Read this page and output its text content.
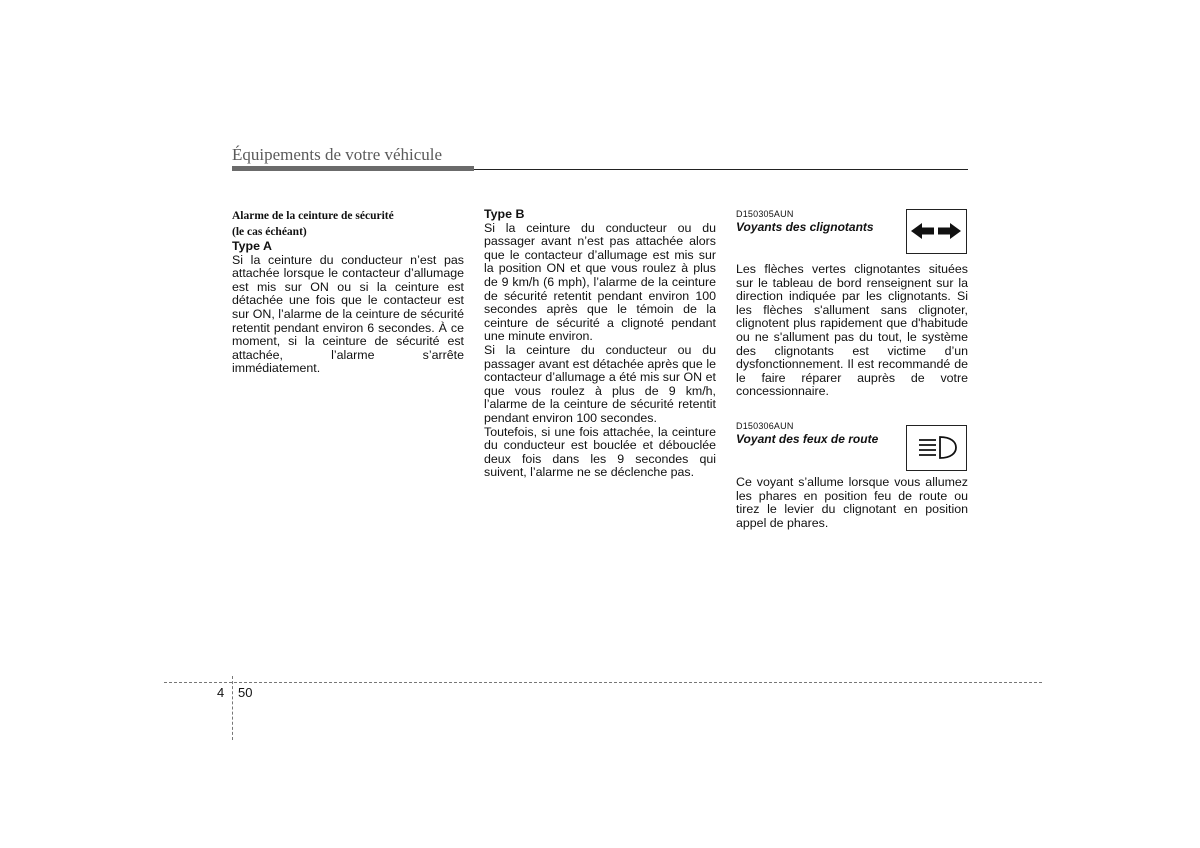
Équipements de votre véhicule
Alarme de la ceinture de sécurité
(le cas échéant)
Type A

Si la ceinture du conducteur n’est pas attachée lorsque le contacteur d’allumage est mis sur ON ou si la ceinture est détachée une fois que le contacteur est sur ON, l’alarme de la ceinture de sécurité retentit pendant environ 6 secondes. À ce moment, si la ceinture de sécurité est attachée, l’alarme s’arrête immédiatement.

Type B

Si la ceinture du conducteur ou du passager avant n’est pas attachée alors que le contacteur d’allumage est mis sur la position ON et que vous roulez à plus de 9 km/h (6 mph), l’alarme de la ceinture de sécurité retentit pendant environ 100 secondes après que le témoin de la ceinture de sécurité a clignoté pendant une minute environ.

Si la ceinture du conducteur ou du passager avant est détachée après que le contacteur d’allumage a été mis sur ON et que vous roulez à plus de 9 km/h, l’alarme de la ceinture de sécurité retentit pendant environ 100 secondes.

Toutefois, si une fois attachée, la ceinture du conducteur est bouclée et débouclée deux fois dans les 9 secondes qui suivent, l’alarme ne se déclenche pas.

D150305AUN
Voyants des clignotants

Les flèches vertes clignotantes situées sur le tableau de bord renseignent sur la direction indiquée par les clignotants. Si les flèches s'allument sans clignoter, clignotent plus rapidement que d'habitude ou ne s'allument pas du tout, le système des clignotants est victime d’un dysfonctionnement. Il est recommandé de le faire réparer auprès de votre concessionnaire.

D150306AUN
Voyant des feux de route

Ce voyant s’allume lorsque vous allumez les phares en position feu de route ou tirez le levier du clignotant en position appel de phares.

4 50
